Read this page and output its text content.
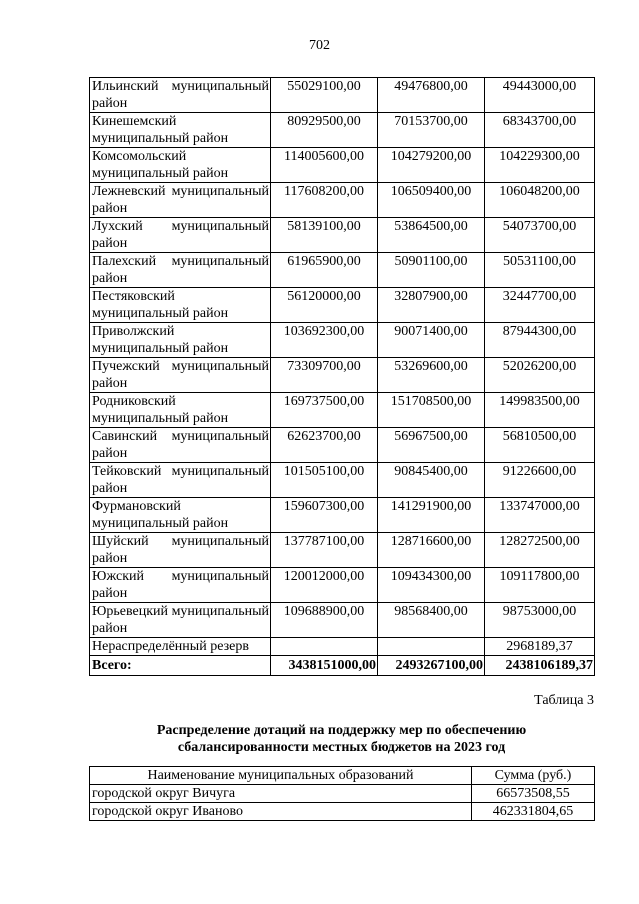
702
Ильинский муниципальный район	55029100,00	49476800,00	49443000,00
Кинешемский муниципальный район	80929500,00	70153700,00	68343700,00
Комсомольский муниципальный район	114005600,00	104279200,00	104229300,00
Лежневский муниципальный район	117608200,00	106509400,00	106048200,00
Лухский муниципальный район	58139100,00	53864500,00	54073700,00
Палехский муниципальный район	61965900,00	50901100,00	50531100,00
Пестяковский муниципальный район	56120000,00	32807900,00	32447700,00
Приволжский муниципальный район	103692300,00	90071400,00	87944300,00
Пучежский муниципальный район	73309700,00	53269600,00	52026200,00
Родниковский муниципальный район	169737500,00	151708500,00	149983500,00
Савинский муниципальный район	62623700,00	56967500,00	56810500,00
Тейковский муниципальный район	101505100,00	90845400,00	91226600,00
Фурмановский муниципальный район	159607300,00	141291900,00	133747000,00
Шуйский муниципальный район	137787100,00	128716600,00	128272500,00
Южский муниципальный район	120012000,00	109434300,00	109117800,00
Юрьевецкий муниципальный район	109688900,00	98568400,00	98753000,00
Нераспределённый резерв			2968189,37
Всего:	3438151000,00	2493267100,00	2438106189,37
Таблица 3
Распределение дотаций на поддержку мер по обеспечению
сбалансированности местных бюджетов на 2023 год
Наименование муниципальных образований	Сумма (руб.)
городской округ Вичуга	66573508,55
городской округ Иваново	462331804,65
